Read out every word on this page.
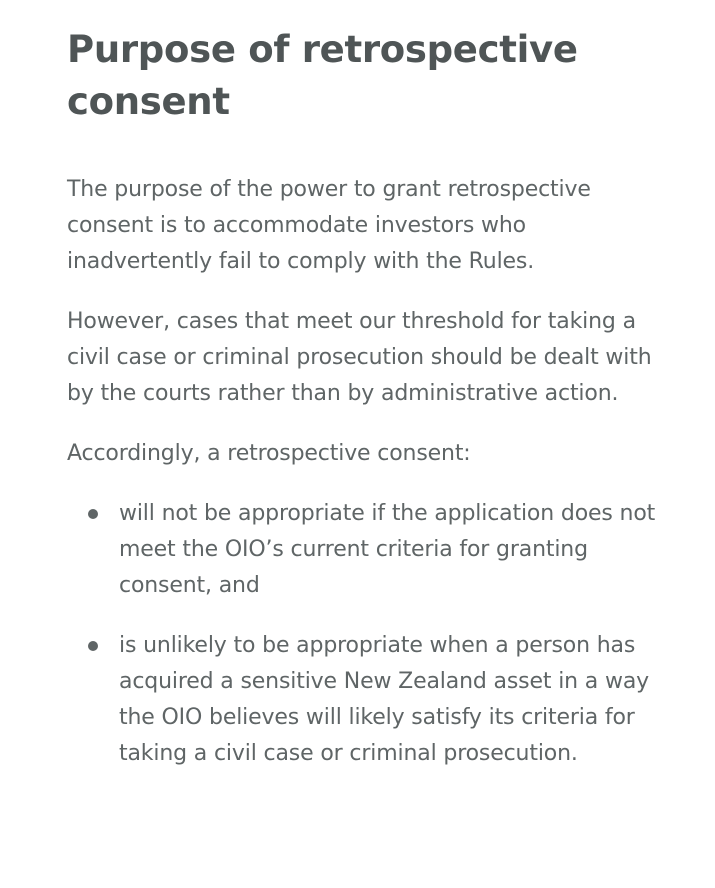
Purpose of retrospective consent

The purpose of the power to grant retrospective consent is to accommodate investors who inadvertently fail to comply with the Rules.

However, cases that meet our threshold for taking a civil case or criminal prosecution should be dealt with by the courts rather than by administrative action.

Accordingly, a retrospective consent:

will not be appropriate if the application does not meet the OIO’s current criteria for granting consent, and
is unlikely to be appropriate when a person has acquired a sensitive New Zealand asset in a way the OIO believes will likely satisfy its criteria for taking a civil case or criminal prosecution.
